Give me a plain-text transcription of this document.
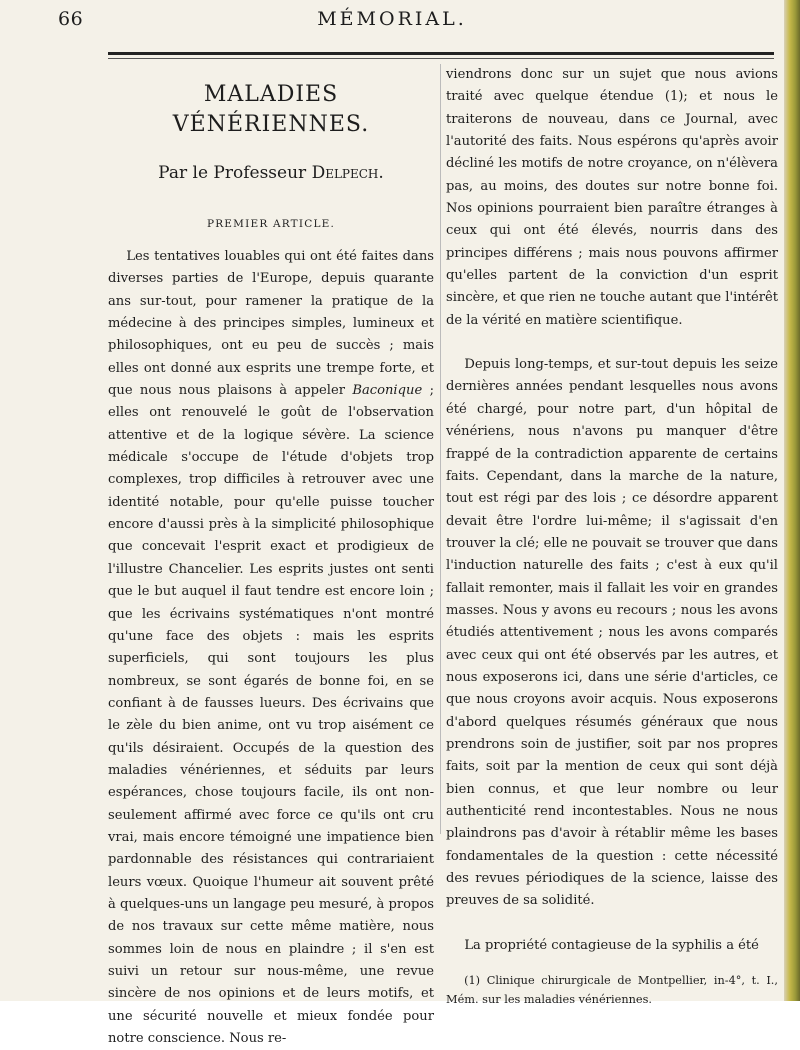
66	MÉMORIAL.
MALADIES VÉNÉRIENNES.
Par le Professeur Delpech.
PREMIER ARTICLE.

Les tentatives louables qui ont été faites dans diverses parties de l'Europe, depuis quarante ans sur-tout, pour ramener la pratique de la médecine à des principes simples, lumineux et philosophiques, ont eu peu de succès ; mais elles ont donné aux esprits une trempe forte, et que nous nous plaisons à appeler Baconique ; elles ont renouvelé le goût de l'observation attentive et de la logique sévère. La science médicale s'occupe de l'étude d'objets trop complexes, trop difficiles à retrouver avec une identité notable, pour qu'elle puisse toucher encore d'aussi près à la simplicité philosophique que concevait l'esprit exact et prodigieux de l'illustre Chancelier. Les esprits justes ont senti que le but auquel il faut tendre est encore loin ; que les écrivains systématiques n'ont montré qu'une face des objets : mais les esprits superficiels, qui sont toujours les plus nombreux, se sont égarés de bonne foi, en se confiant à de fausses lueurs. Des écrivains que le zèle du bien anime, ont vu trop aisément ce qu'ils désiraient. Occupés de la question des maladies vénériennes, et séduits par leurs espérances, chose toujours facile, ils ont non-seulement affirmé avec force ce qu'ils ont cru vrai, mais encore témoigné une impatience bien pardonnable des résistances qui contrariaient leurs vœux. Quoique l'humeur ait souvent prêté à quelques-uns un langage peu mesuré, à propos de nos travaux sur cette même matière, nous sommes loin de nous en plaindre ; il s'en est suivi un retour sur nous-même, une revue sincère de nos opinions et de leurs motifs, et une sécurité nouvelle et mieux fondée pour notre conscience. Nous re-

viendrons donc sur un sujet que nous avions traité avec quelque étendue (1); et nous le traiterons de nouveau, dans ce Journal, avec l'autorité des faits. Nous espérons qu'après avoir décliné les motifs de notre croyance, on n'élèvera pas, au moins, des doutes sur notre bonne foi. Nos opinions pourraient bien paraître étranges à ceux qui ont été élevés, nourris dans des principes différens ; mais nous pouvons affirmer qu'elles partent de la conviction d'un esprit sincère, et que rien ne touche autant que l'intérêt de la vérité en matière scientifique.

Depuis long-temps, et sur-tout depuis les seize dernières années pendant lesquelles nous avons été chargé, pour notre part, d'un hôpital de vénériens, nous n'avons pu manquer d'être frappé de la contradiction apparente de certains faits. Cependant, dans la marche de la nature, tout est régi par des lois ; ce désordre apparent devait être l'ordre lui-même; il s'agissait d'en trouver la clé; elle ne pouvait se trouver que dans l'induction naturelle des faits ; c'est à eux qu'il fallait remonter, mais il fallait les voir en grandes masses. Nous y avons eu recours ; nous les avons étudiés attentivement ; nous les avons comparés avec ceux qui ont été observés par les autres, et nous exposerons ici, dans une série d'articles, ce que nous croyons avoir acquis. Nous exposerons d'abord quelques résumés généraux que nous prendrons soin de justifier, soit par nos propres faits, soit par la mention de ceux qui sont déjà bien connus, et que leur nombre ou leur authenticité rend incontestables. Nous ne nous plaindrons pas d'avoir à rétablir même les bases fondamentales de la question : cette nécessité des revues périodiques de la science, laisse des preuves de sa solidité.

La propriété contagieuse de la syphilis a été

(1) Clinique chirurgicale de Montpellier, in-4°, t. I., Mém. sur les maladies vénériennes.
